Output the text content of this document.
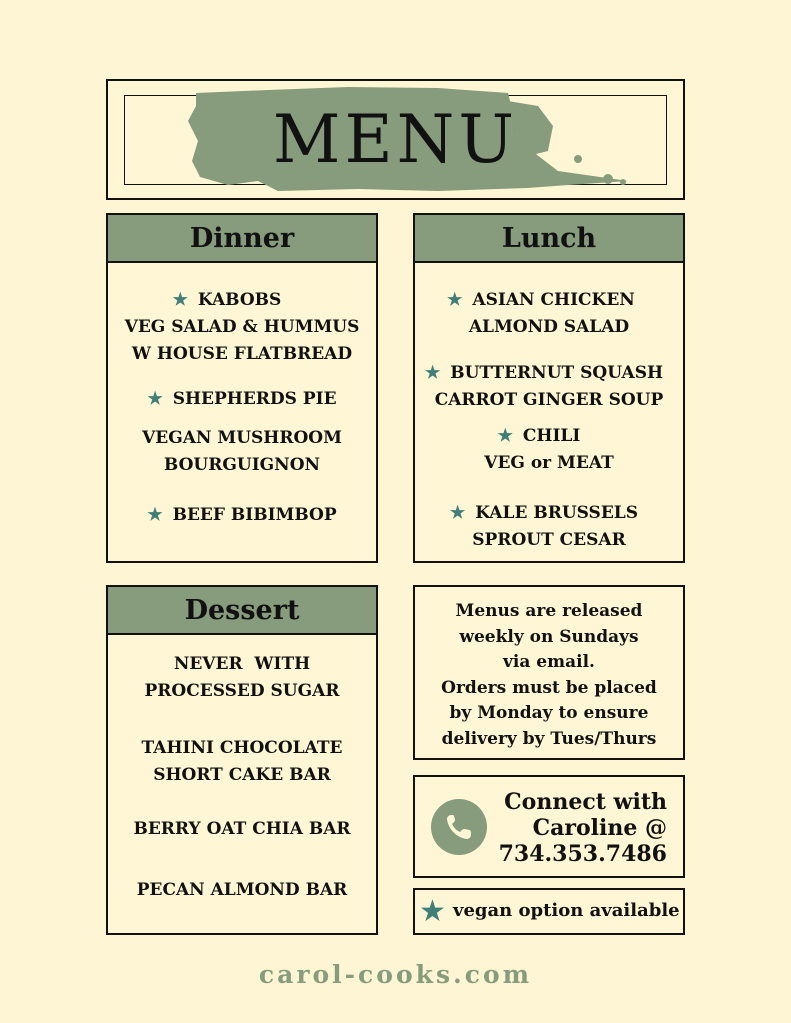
MENU
Dinner
★ KABOBS
VEG SALAD & HUMMUS
W HOUSE FLATBREAD
★ SHEPHERDS PIE
VEGAN MUSHROOM
BOURGUIGNON
★ BEEF BIBIMBOP
Lunch
★ ASIAN CHICKEN
ALMOND SALAD
★ BUTTERNUT SQUASH
CARROT GINGER SOUP
★ CHILI
VEG or MEAT
★ KALE BRUSSELS
SPROUT CESAR
Dessert
NEVER  WITH
PROCESSED SUGAR
TAHINI CHOCOLATE
SHORT CAKE BAR
BERRY OAT CHIA BAR
PECAN ALMOND BAR
Menus are released
weekly on Sundays
via email.
Orders must be placed
by Monday to ensure
delivery by Tues/Thurs
Connect with
Caroline @
734.353.7486
★ vegan option available
carol-cooks.com
